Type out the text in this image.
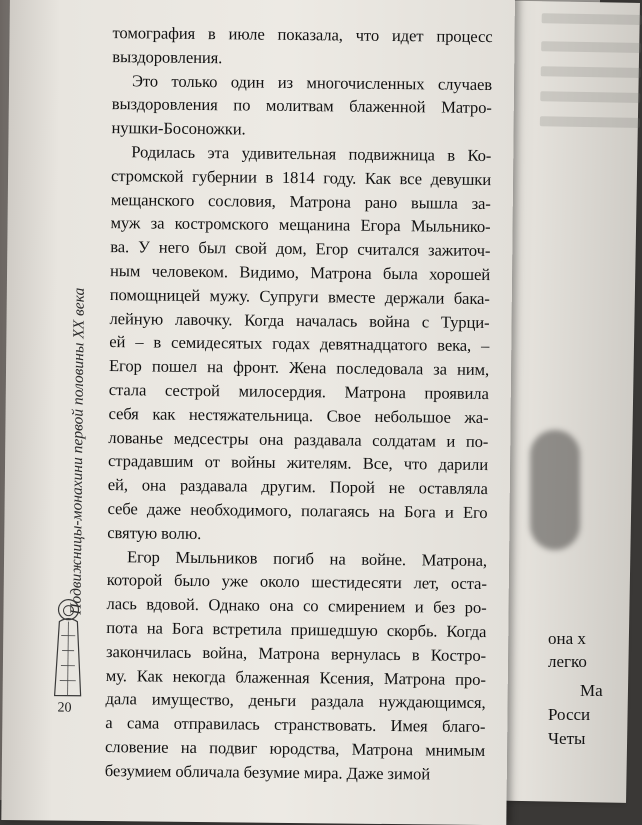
она х
легко
Ма
Росси
Четы
Подвижницы-монахини первой половины XX века
20

томография в июле показала, что идет процесс
выздоровления.

Это только один из многочисленных случаев
выздоровления по молитвам блаженной Матро-
нушки-Босоножки.

Родилась эта удивительная подвижница в Ко-
стромской губернии в 1814 году. Как все девушки
мещанского сословия, Матрона рано вышла за-
муж за костромского мещанина Егора Мыльнико-
ва. У него был свой дом, Егор считался зажиточ-
ным человеком. Видимо, Матрона была хорошей
помощницей мужу. Супруги вместе держали бака-
лейную лавочку. Когда началась война с Турци-
ей – в семидесятых годах девятнадцатого века, –
Егор пошел на фронт. Жена последовала за ним,
стала сестрой милосердия. Матрона проявила
себя как нестяжательница. Свое небольшое жа-
лованье медсестры она раздавала солдатам и по-
страдавшим от войны жителям. Все, что дарили
ей, она раздавала другим. Порой не оставляла
себе даже необходимого, полагаясь на Бога и Его
святую волю.

Егор Мыльников погиб на войне. Матрона,
которой было уже около шестидесяти лет, оста-
лась вдовой. Однако она со смирением и без ро-
пота на Бога встретила пришедшую скорбь. Когда
закончилась война, Матрона вернулась в Костро-
му. Как некогда блаженная Ксения, Матрона про-
дала имущество, деньги раздала нуждающимся,
а сама отправилась странствовать. Имея благо-
словение на подвиг юродства, Матрона мнимым
безумием обличала безумие мира. Даже зимой
